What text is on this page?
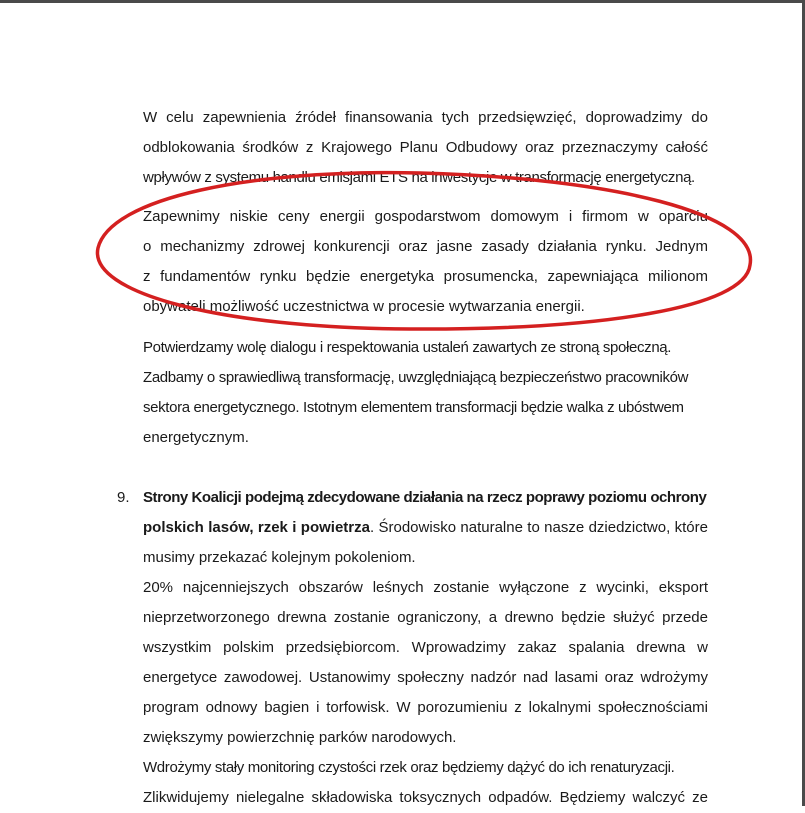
W celu zapewnienia źródeł finansowania tych przedsięwzięć, doprowadzimy do
odblokowania środków z Krajowego Planu Odbudowy oraz przeznaczymy całość
wpływów z systemu handlu emisjami ETS na inwestycje w transformację energetyczną.
Zapewnimy niskie ceny energii gospodarstwom domowym i firmom w oparciu
o mechanizmy zdrowej konkurencji oraz jasne zasady działania rynku. Jednym
z fundamentów rynku będzie energetyka prosumencka, zapewniająca milionom
obywateli możliwość uczestnictwa w procesie wytwarzania energii.
Potwierdzamy wolę dialogu i respektowania ustaleń zawartych ze stroną społeczną.
Zadbamy o sprawiedliwą transformację, uwzględniającą bezpieczeństwo pracowników
sektora energetycznego. Istotnym elementem transformacji będzie walka z ubóstwem
energetycznym.
9. Strony Koalicji podejmą zdecydowane działania na rzecz poprawy poziomu ochrony
polskich lasów, rzek i powietrza. Środowisko naturalne to nasze dziedzictwo, które
musimy przekazać kolejnym pokoleniom.
20% najcenniejszych obszarów leśnych zostanie wyłączone z wycinki, eksport
nieprzetworzonego drewna zostanie ograniczony, a drewno będzie służyć przede
wszystkim polskim przedsiębiorcom. Wprowadzimy zakaz spalania drewna w
energetyce zawodowej. Ustanowimy społeczny nadzór nad lasami oraz wdrożymy
program odnowy bagien i torfowisk. W porozumieniu z lokalnymi społecznościami
zwiększymy powierzchnię parków narodowych.
Wdrożymy stały monitoring czystości rzek oraz będziemy dążyć do ich renaturyzacji.
Zlikwidujemy nielegalne składowiska toksycznych odpadów. Będziemy walczyć ze
